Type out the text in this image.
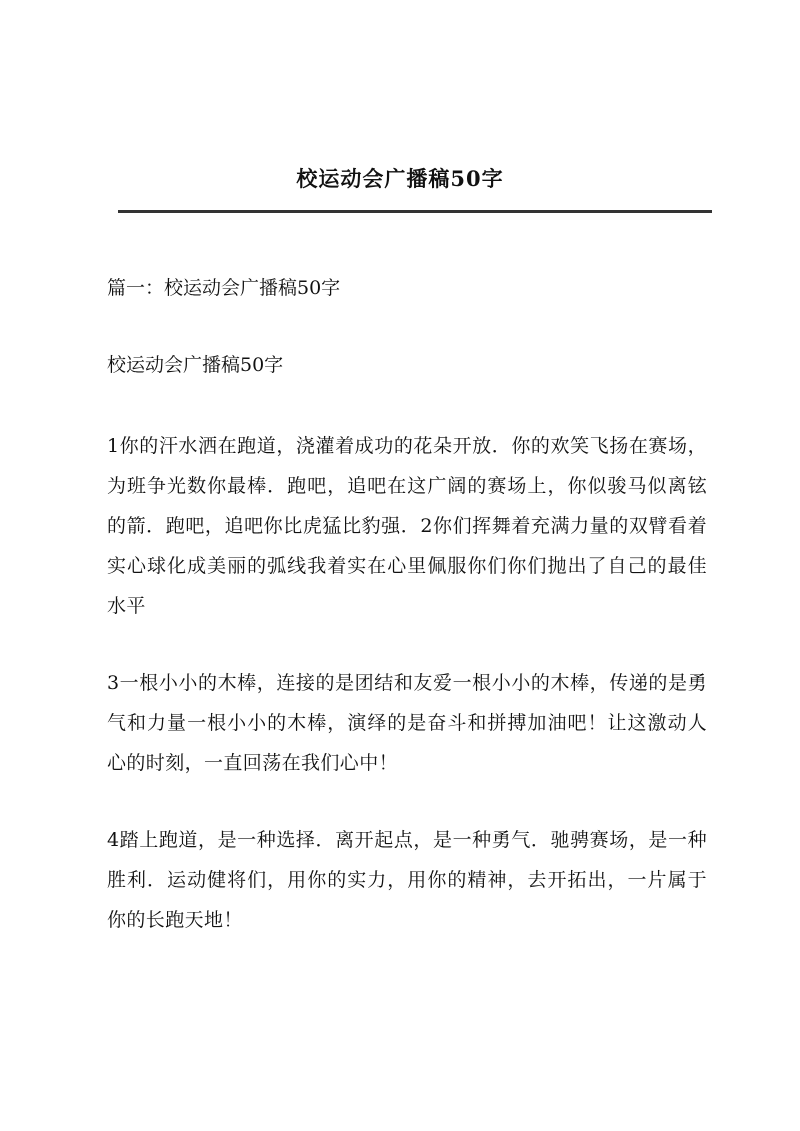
校运动会广播稿50字
篇一：校运动会广播稿50字
校运动会广播稿50字

1你的汗水洒在跑道，浇灌着成功的花朵开放．你的欢笑飞扬在赛场，为班争光数你最棒．跑吧，追吧在这广阔的赛场上，你似骏马似离铉的箭．跑吧，追吧你比虎猛比豹强．2你们挥舞着充满力量的双臂看着实心球化成美丽的弧线我着实在心里佩服你们你们抛出了自己的最佳水平

3一根小小的木棒，连接的是团结和友爱一根小小的木棒，传递的是勇气和力量一根小小的木棒，演绎的是奋斗和拼搏加油吧！让这激动人心的时刻，一直回荡在我们心中！

4踏上跑道，是一种选择．离开起点，是一种勇气．驰骋赛场，是一种胜利．运动健将们，用你的实力，用你的精神，去开拓出，一片属于你的长跑天地！
